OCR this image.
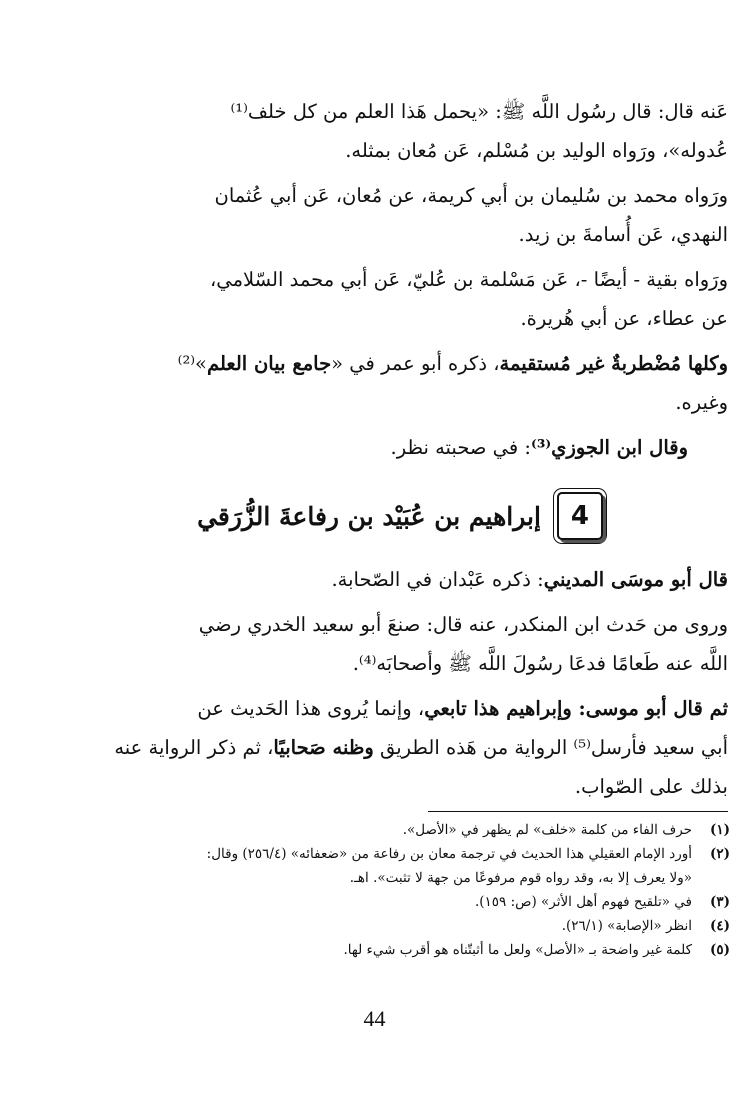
عَنه قال: قال رسُول اللَّه ﷺ: «يحمل هَذا العلم من كل خلف⁽¹⁾
عُدوله»، ورَواه الوليد بن مُسْلم، عَن مُعان بمثله.

ورَواه محمد بن سُليمان بن أبي كريمة، عن مُعان، عَن أبي عُثمان
النهدي، عَن أُسامةَ بن زيد.

ورَواه بقية - أيضًا -، عَن مَسْلمة بن عُليّ، عَن أبي محمد السّلامي،
عن عطاء، عن أبي هُريرة.

وكلها مُضْطربةٌ غير مُستقيمة، ذكره أبو عمر في «جامع بيان العلم»⁽²⁾
وغيره.

وقال ابن الجوزي⁽³⁾: في صحبته نظر.

4
إبراهيم بن عُبَيْد بن رفاعةَ الزُّرَقي

قال أبو موسَى المديني: ذكره عَبْدان في الصّحابة.

وروى من حَدث ابن المنكدر، عنه قال: صنعَ أبو سعيد الخدري رضي
اللَّه عنه طَعامًا فدعَا رسُولَ اللَّه ﷺ وأصحابَه⁽⁴⁾.

ثم قال أبو موسى: وإبراهيم هذا تابعي، وإنما يُروى هذا الحَديث عن
أبي سعيد فأرسل⁽⁵⁾ الرواية من هَذه الطريق وظنه صَحابيًا، ثم ذكر الرواية عنه
بذلك على الصّواب.

(١)
حرف الفاء من كلمة «خلف» لم يظهر في «الأصل».
(٢)
أورد الإمام العقيلي هذا الحديث في ترجمة معان بن رفاعة من «ضعفائه» (٢٥٦/٤) وقال:
«ولا يعرف إلا به، وقد رواه قوم مرفوعًا من جهة لا تثبت». اهـ.
(٣)
في «تلقيح فهوم أهل الأثر» (ص: ١٥٩).
(٤)
انظر «الإصابة» (٢٦/١).
(٥)
كلمة غير واضحة بـ «الأصل» ولعل ما أثبتّناه هو أقرب شيء لها.
44
